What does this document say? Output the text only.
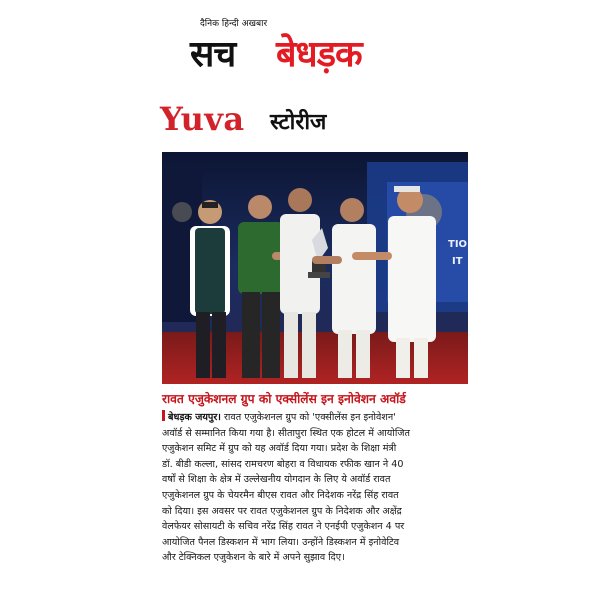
दैनिक हिन्दी अखबार
सच बेधड़क
Yuva स्टोरीज
TIO
IT
रावत एजुकेशनल ग्रुप को एक्सीलेंस इन इनोवेशन अवॉर्ड
बेधड़क जयपुर। रावत एजुकेशनल ग्रुप को 'एक्सीलेंस इन इनोवेशन'
अवॉर्ड से सम्मानित किया गया है। सीतापुरा स्थित एक होटल में आयोजित
एजुकेशन समिट में ग्रुप को यह अवॉर्ड दिया गया। प्रदेश के शिक्षा मंत्री
डॉ. बीडी कल्ला, सांसद रामचरण बोहरा व विधायक रफीक खान ने 40
वर्षों से शिक्षा के क्षेत्र में उल्लेखनीय योगदान के लिए ये अवॉर्ड रावत
एजुकेशनल ग्रुप के चेयरमैन बीएस रावत और निदेशक नरेंद्र सिंह रावत
को दिया। इस अवसर पर रावत एजुकेशनल ग्रुप के निदेशक और अक्षेंद्र
वेलफेयर सोसायटी के सचिव नरेंद्र सिंह रावत ने एनईपी एजुकेशन 4 पर
आयोजित पैनल डिस्कशन में भाग लिया। उन्होंने डिस्कशन में इनोवेटिव
और टेक्निकल एजुकेशन के बारे में अपने सुझाव दिए।
